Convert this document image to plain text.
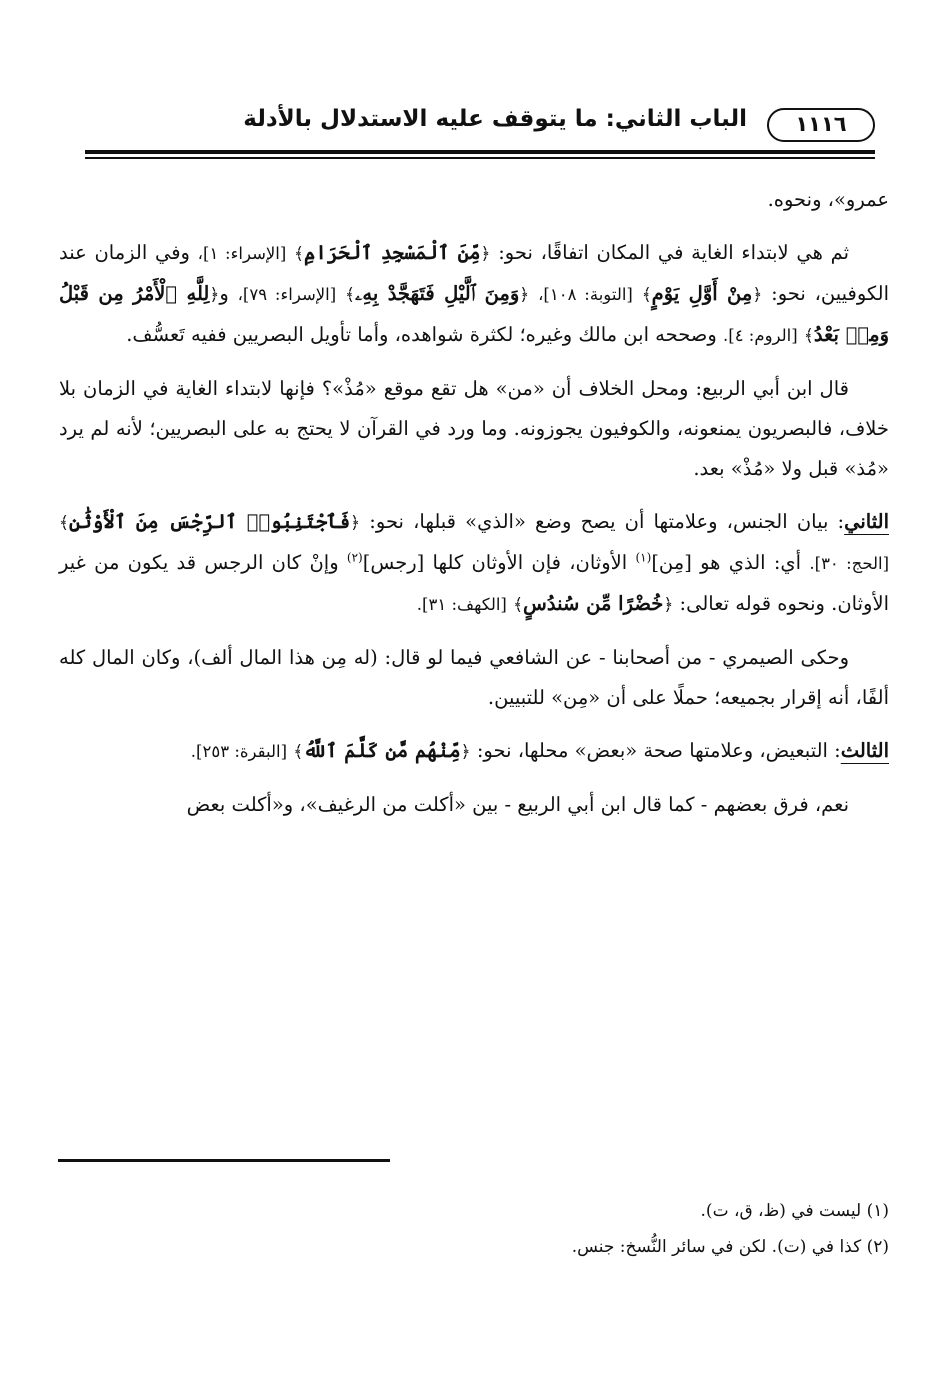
١١١٦
الباب الثاني: ما يتوقف عليه الاستدلال بالأدلة

عمرو»، ونحوه.

ثم هي لابتداء الغاية في المكان اتفاقًا، نحو: ﴿مِّنَ ٱلْمَسْجِدِ ٱلْحَرَامِ﴾ [الإسراء: ١]، وفي الزمان عند الكوفيين، نحو: ﴿مِنْ أَوَّلِ يَوْمٍ﴾ [التوبة: ١٠٨]، ﴿وَمِنَ ٱلَّيْلِ فَتَهَجَّدْ بِهِۦ﴾ [الإسراء: ٧٩]، و﴿لِلَّهِ ٱلْأَمْرُ مِن قَبْلُ وَمِنۢ بَعْدُ﴾ [الروم: ٤]. وصححه ابن مالك وغيره؛ لكثرة شواهده، وأما تأويل البصريين ففيه تَعسُّف.

قال ابن أبي الربيع: ومحل الخلاف أن «من» هل تقع موقع «مُذْ»؟ فإنها لابتداء الغاية في الزمان بلا خلاف، فالبصريون يمنعونه، والكوفيون يجوزونه. وما ورد في القرآن لا يحتج به على البصريين؛ لأنه لم يرد «مُذ» قبل ولا «مُذْ» بعد.

الثاني: بيان الجنس، وعلامتها أن يصح وضع «الذي» قبلها، نحو: ﴿فَٱجْتَنِبُوا۟ ٱلرِّجْسَ مِنَ ٱلْأَوْثَٰنِ﴾ [الحج: ٣٠]. أي: الذي هو [مِن]$^{(١)}$ الأوثان، فإن الأوثان كلها [رجس]$^{(٢)}$ وإنْ كان الرجس قد يكون من غير الأوثان. ونحوه قوله تعالى: ﴿خُضْرًا مِّن سُندُسٍ﴾ [الكهف: ٣١].

وحكى الصيمري - من أصحابنا - عن الشافعي فيما لو قال: (له مِن هذا المال ألف)، وكان المال كله ألفًا، أنه إقرار بجميعه؛ حملًا على أن «مِن» للتبيين.

الثالث: التبعيض، وعلامتها صحة «بعض» محلها، نحو: ﴿مِّنْهُم مَّن كَلَّمَ ٱللَّهُ﴾ [البقرة: ٢٥٣].

نعم، فرق بعضهم - كما قال ابن أبي الربيع - بين «أكلت من الرغيف»، و«أكلت بعض

(١) ليست في (ظ، ق، ت).

(٢) كذا في (ت). لكن في سائر النُّسخ: جنس.
